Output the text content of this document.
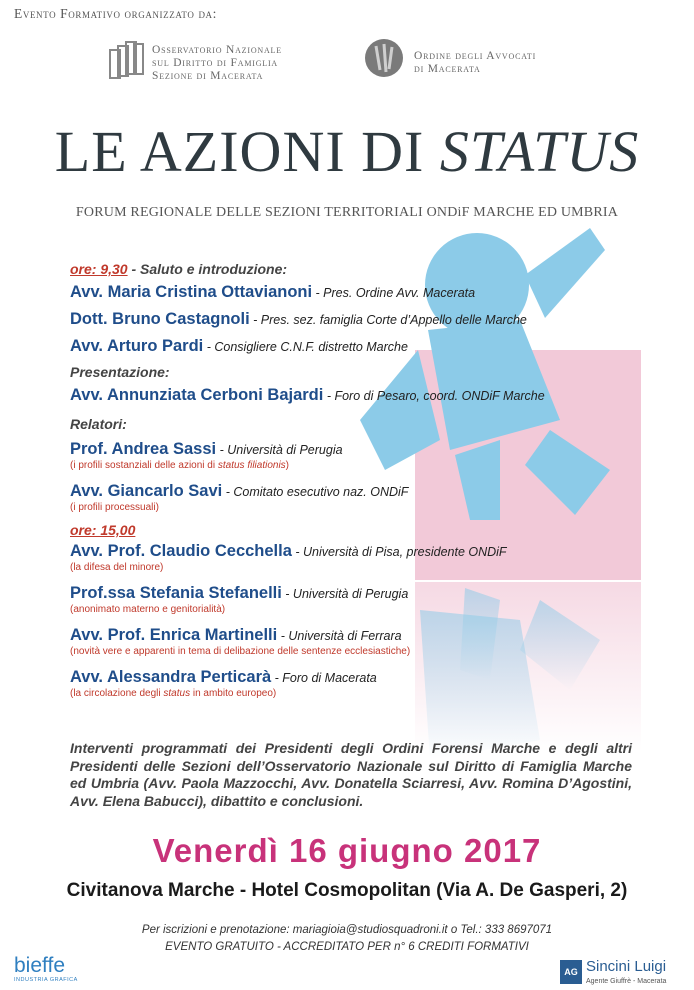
Evento Formativo organizzato da:
Osservatorio Nazionale
sul Diritto di Famiglia
Sezione di Macerata
Ordine degli Avvocati
di Macerata
LE AZIONI DI STATUS
FORUM REGIONALE DELLE SEZIONI TERRITORIALI ONDiF MARCHE ED UMBRIA
ore: 9,30 - Saluto e introduzione:
Avv. Maria Cristina Ottavianoni - Pres. Ordine Avv. Macerata
Dott. Bruno Castagnoli - Pres. sez. famiglia Corte d’Appello delle Marche
Avv. Arturo Pardi - Consigliere C.N.F. distretto Marche
Presentazione:
Avv. Annunziata Cerboni Bajardi - Foro di Pesaro, coord. ONDiF Marche
Relatori:
Prof. Andrea Sassi - Università di Perugia
(i profili sostanziali delle azioni di status filiationis)
Avv. Giancarlo Savi - Comitato esecutivo naz. ONDiF
(i profili processuali)
ore: 15,00
Avv. Prof. Claudio Cecchella - Università di Pisa, presidente ONDiF
(la difesa del minore)
Prof.ssa Stefania Stefanelli - Università di Perugia
(anonimato materno e genitorialità)
Avv. Prof. Enrica Martinelli - Università di Ferrara
(novità vere e apparenti in tema di delibazione delle sentenze ecclesiastiche)
Avv. Alessandra Perticarà - Foro di Macerata
(la circolazione degli status in ambito europeo)
Interventi programmati dei Presidenti degli Ordini Forensi Marche e degli altri Presidenti delle Sezioni dell’Osservatorio Nazionale sul Diritto di Famiglia Marche ed Umbria (Avv. Paola Mazzocchi, Avv. Donatella Sciarresi, Avv. Romina D’Agostini, Avv. Elena Babucci), dibattito e conclusioni.
Venerdì 16 giugno 2017
Civitanova Marche - Hotel Cosmopolitan (Via A. De Gasperi, 2)
Per iscrizioni e prenotazione: mariagioia@studiosquadroni.it o Tel.: 333 8697071
EVENTO GRATUITO - ACCREDITATO PER n° 6 CREDITI FORMATIVI
bieffe
INDUSTRIA GRAFICA
AG Sincini Luigi
Agente Giuffrè - Macerata
